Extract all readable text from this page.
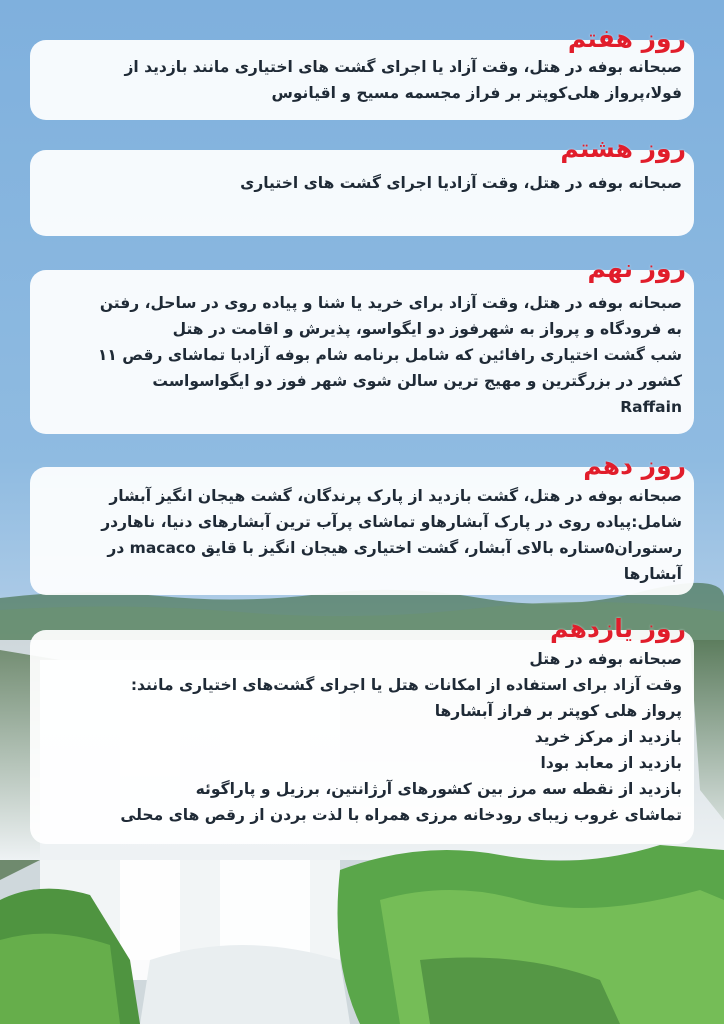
روز هفتم
صبحانه بوفه در هتل، وقت آزاد یا اجرای گشت های اختیاری مانند بازدید از
فولا،پرواز هلی‌کوپتر بر فراز مجسمه مسیح و اقیانوس
روز هشتم
صبحانه بوفه در هتل، وقت آزادیا اجرای گشت های اختیاری
روز نهم
صبحانه بوفه در هتل، وقت آزاد برای خرید یا شنا و پیاده روی در ساحل، رفتن
به فرودگاه و پرواز به شهرفوز دو ایگواسو، پذیرش و اقامت در هتل
شب گشت اختیاری رافائین که شامل برنامه شام بوفه آزادبا تماشای رقص ۱۱
کشور در بزرگترین و مهیج ترین سالن شوی شهر فوز دو ایگواسواست
Raffain
روز دهم
صبحانه بوفه در هتل، گشت بازدید از پارک پرندگان، گشت هیجان انگیز آبشار
شامل:پیاده روی در پارک آبشارهاو تماشای پرآب ترین آبشارهای دنیا، ناهاردر
رستوران۵ستاره بالای آبشار، گشت اختیاری هیجان انگیز با قایق macaco در
آبشارها
روز یازدهم
صبحانه بوفه در هتل
وقت آزاد برای استفاده از امکانات هتل یا اجرای گشت‌های اختیاری مانند:
پرواز هلی کوپتر بر فراز آبشارها
بازدید از مرکز خرید
بازدید از معابد بودا
بازدید از نقطه سه مرز بین کشورهای آرژانتین، برزیل و پاراگوئه
تماشای غروب زیبای رودخانه مرزی همراه با لذت بردن از رقص های محلی
